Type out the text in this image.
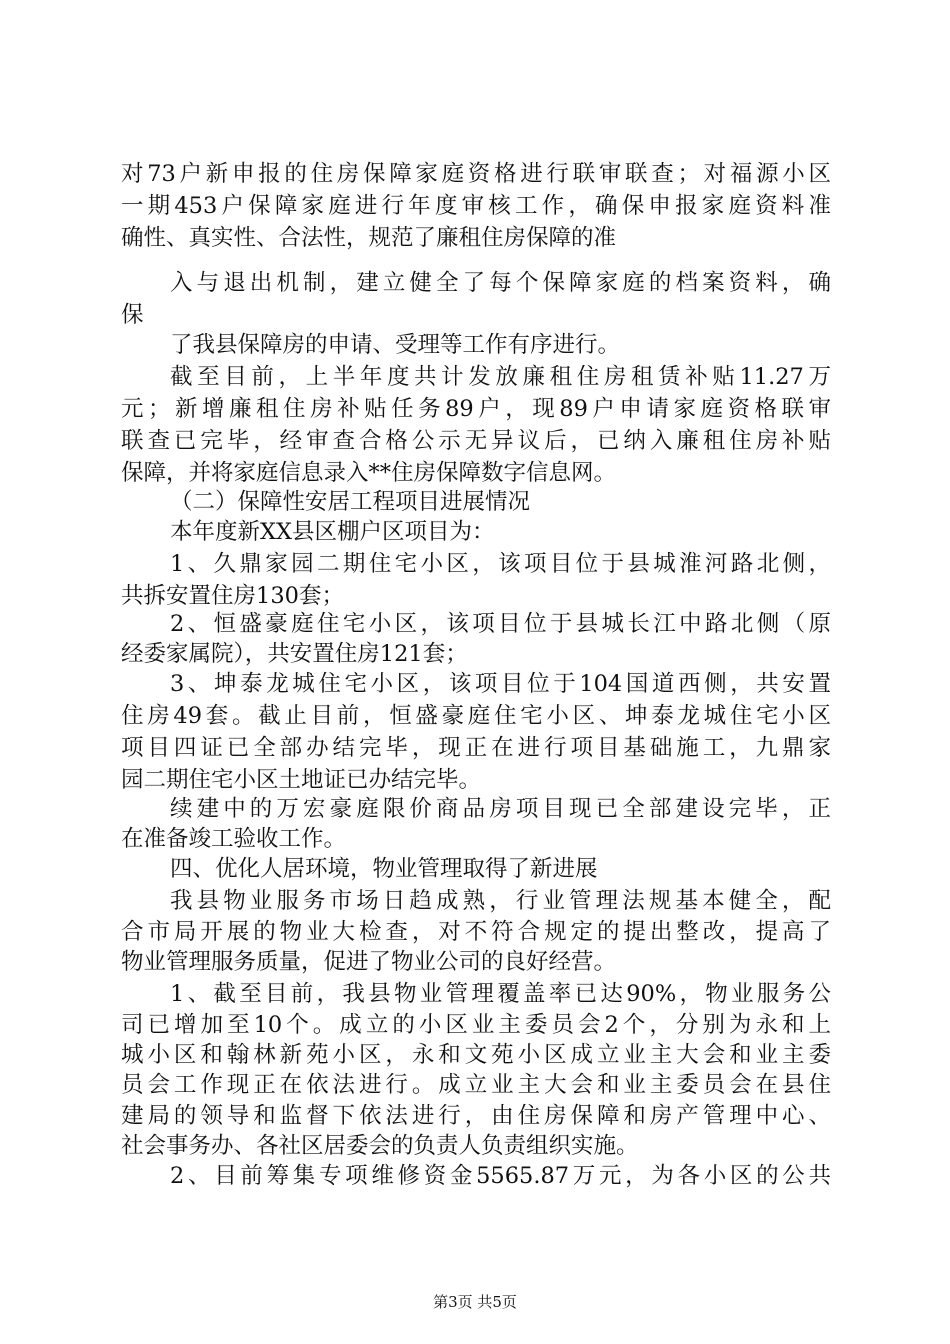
对73户新申报的住房保障家庭资格进行联审联查；对福源小区
一期453户保障家庭进行年度审核工作，确保申报家庭资料准
确性、真实性、合法性，规范了廉租住房保障的准
入与退出机制，建立健全了每个保障家庭的档案资料，确
保
了我县保障房的申请、受理等工作有序进行。
截至目前，上半年度共计发放廉租住房租赁补贴11.27万
元；新增廉租住房补贴任务89户，现89户申请家庭资格联审
联查已完毕，经审查合格公示无异议后，已纳入廉租住房补贴
保障，并将家庭信息录入**住房保障数字信息网。
（二）保障性安居工程项目进展情况
本年度新XX县区棚户区项目为：
1、久鼎家园二期住宅小区，该项目位于县城淮河路北侧，
共拆安置住房130套；
2、恒盛豪庭住宅小区，该项目位于县城长江中路北侧（原
经委家属院），共安置住房121套；
3、坤泰龙城住宅小区，该项目位于104国道西侧，共安置
住房49套。截止目前，恒盛豪庭住宅小区、坤泰龙城住宅小区
项目四证已全部办结完毕，现正在进行项目基础施工，九鼎家
园二期住宅小区土地证已办结完毕。
续建中的万宏豪庭限价商品房项目现已全部建设完毕，正
在准备竣工验收工作。
四、优化人居环境，物业管理取得了新进展
我县物业服务市场日趋成熟，行业管理法规基本健全，配
合市局开展的物业大检查，对不符合规定的提出整改，提高了
物业管理服务质量，促进了物业公司的良好经营。
1、截至目前，我县物业管理覆盖率已达90%，物业服务公
司已增加至10个。成立的小区业主委员会2个，分别为永和上
城小区和翰林新苑小区，永和文苑小区成立业主大会和业主委
员会工作现正在依法进行。成立业主大会和业主委员会在县住
建局的领导和监督下依法进行，由住房保障和房产管理中心、
社会事务办、各社区居委会的负责人负责组织实施。
2、目前筹集专项维修资金5565.87万元，为各小区的公共
第3页 共5页
